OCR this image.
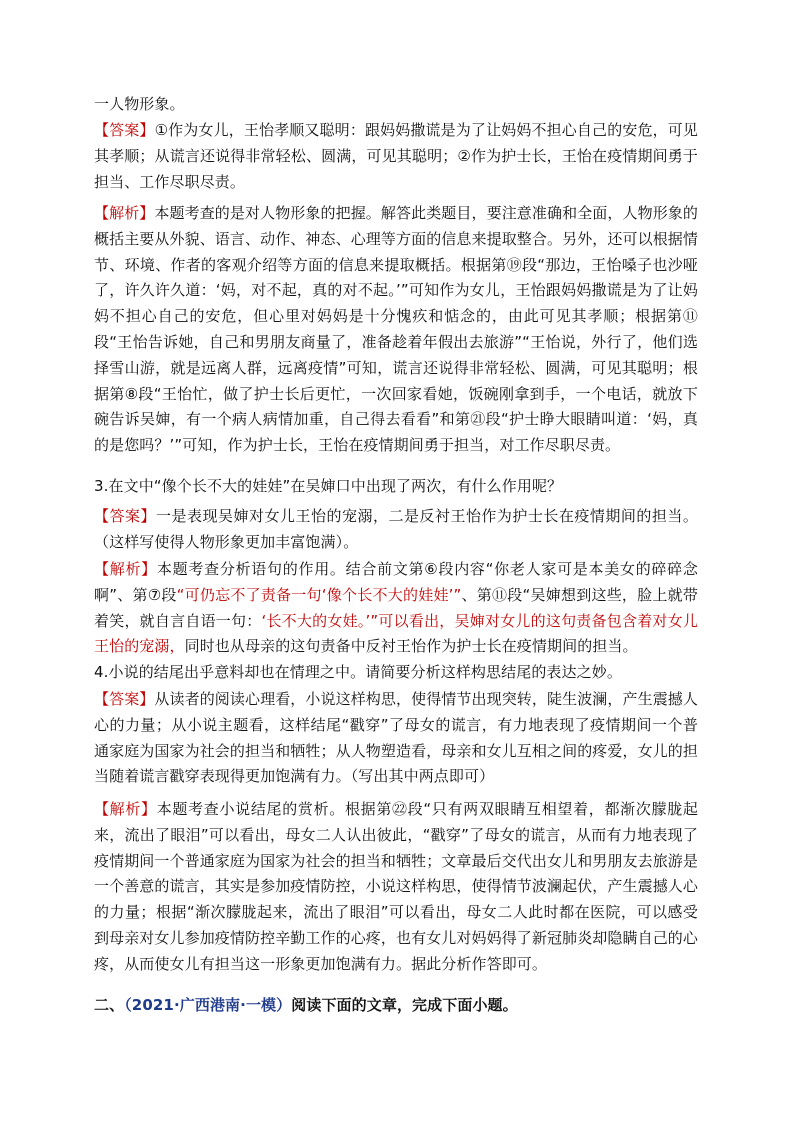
一人物形象。
【答案】①作为女儿，王怡孝顺又聪明：跟妈妈撒谎是为了让妈妈不担心自己的安危，可见其孝顺；从谎言还说得非常轻松、圆满，可见其聪明；②作为护士长，王怡在疫情期间勇于担当、工作尽职尽责。
【解析】本题考查的是对人物形象的把握。解答此类题目，要注意准确和全面，人物形象的概括主要从外貌、语言、动作、神态、心理等方面的信息来提取整合。另外，还可以根据情节、环境、作者的客观介绍等方面的信息来提取概括。根据第⑲段“那边，王怡嗓子也沙哑了，许久许久道：‘妈，对不起，真的对不起。’”可知作为女儿，王怡跟妈妈撒谎是为了让妈妈不担心自己的安危，但心里对妈妈是十分愧疚和惦念的，由此可见其孝顺；根据第⑪段“王怡告诉她，自己和男朋友商量了，准备趁着年假出去旅游”“王怡说，外行了，他们选择雪山游，就是远离人群，远离疫情”可知，谎言还说得非常轻松、圆满，可见其聪明；根据第⑧段“王怡忙，做了护士长后更忙，一次回家看她，饭碗刚拿到手，一个电话，就放下碗告诉吴婶，有一个病人病情加重，自己得去看看”和第㉑段“护士睁大眼睛叫道：‘妈，真的是您吗？’”可知，作为护士长，王怡在疫情期间勇于担当，对工作尽职尽责。
3.在文中“像个长不大的娃娃”在吴婶口中出现了两次，有什么作用呢？
【答案】一是表现吴婶对女儿王怡的宠溺，二是反衬王怡作为护士长在疫情期间的担当。（这样写使得人物形象更加丰富饱满）。
【解析】本题考查分析语句的作用。结合前文第⑥段内容“你老人家可是本美女的碎碎念啊”、第⑦段“可仍忘不了责备一句‘像个长不大的娃娃’”、第⑪段“吴婶想到这些，脸上就带着笑，就自言自语一句：‘长不大的女娃。’”可以看出，吴婶对女儿的这句责备包含着对女儿王怡的宠溺，同时也从母亲的这句责备中反衬王怡作为护士长在疫情期间的担当。
4.小说的结尾出乎意料却也在情理之中。请简要分析这样构思结尾的表达之妙。
【答案】从读者的阅读心理看，小说这样构思，使得情节出现突转，陡生波澜，产生震撼人心的力量；从小说主题看，这样结尾“戳穿”了母女的谎言，有力地表现了疫情期间一个普通家庭为国家为社会的担当和牺牲；从人物塑造看，母亲和女儿互相之间的疼爱，女儿的担当随着谎言戳穿表现得更加饱满有力。（写出其中两点即可）
【解析】本题考查小说结尾的赏析。根据第㉒段“只有两双眼睛互相望着，都渐次朦胧起来，流出了眼泪”可以看出，母女二人认出彼此，“戳穿”了母女的谎言，从而有力地表现了疫情期间一个普通家庭为国家为社会的担当和牺牲；文章最后交代出女儿和男朋友去旅游是一个善意的谎言，其实是参加疫情防控，小说这样构思，使得情节波澜起伏，产生震撼人心的力量；根据“渐次朦胧起来，流出了眼泪”可以看出，母女二人此时都在医院，可以感受到母亲对女儿参加疫情防控辛勤工作的心疼，也有女儿对妈妈得了新冠肺炎却隐瞒自己的心疼，从而使女儿有担当这一形象更加饱满有力。据此分析作答即可。
二、（2021·广西港南·一模）阅读下面的文章，完成下面小题。
